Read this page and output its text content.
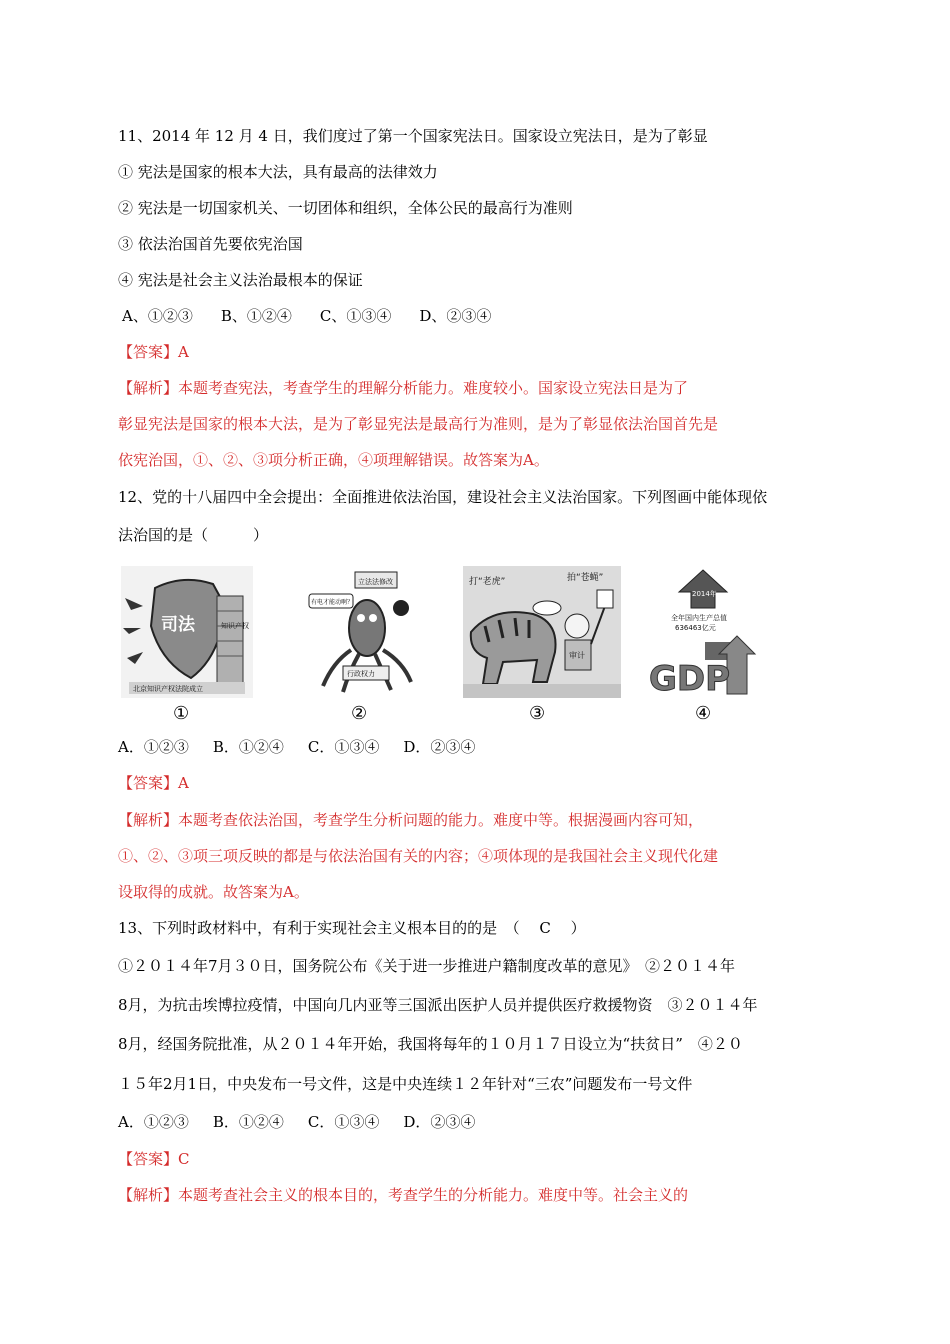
11、2014 年 12 月 4 日，我们度过了第一个国家宪法日。国家设立宪法日，是为了彰显
① 宪法是国家的根本大法，具有最高的法律效力
② 宪法是一切国家机关、一切团体和组织，全体公民的最高行为准则
③ 依法治国首先要依宪治国
④ 宪法是社会主义法治最根本的保证
A、①②③ B、①②④ C、①③④ D、②③④
【答案】A
【解析】本题考查宪法，考查学生的理解分析能力。难度较小。国家设立宪法日是为了
彰显宪法是国家的根本大法，是为了彰显宪法是最高行为准则，是为了彰显依法治国首先是
依宪治国，①、②、③项分析正确，④项理解错误。故答案为A。
12、党的十八届四中全会提出：全面推进依法治国，建设社会主义法治国家。下列图画中能体现依
法治国的是（　　　）
司法	知识产权
北京知识产权法院成立
立法法修改
有电才能动啊？
行政权力
打“老虎”	拍“苍蝇”
审计
2014年
全年国内生产总值
636463亿元
GDP
①	②	③	④
A．①②③ B．①②④ C．①③④ D．②③④
【答案】A
【解析】本题考查依法治国，考查学生分析问题的能力。难度中等。根据漫画内容可知，
①、②、③项三项反映的都是与依法治国有关的内容；④项体现的是我国社会主义现代化建
设取得的成就。故答案为A。
13、下列时政材料中，有利于实现社会主义根本目的的是　（　 C　 ）
①２０１４年7月３０日，国务院公布《关于进一步推进户籍制度改革的意见》　②２０１４年
8月，为抗击埃博拉疫情，中国向几内亚等三国派出医护人员并提供医疗救援物资　③２０１４年
8月，经国务院批准，从２０１４年开始，我国将每年的１０月１７日设立为“扶贫日”　④２０
１５年2月1日，中央发布一号文件，这是中央连续１２年针对“三农”问题发布一号文件
A．①②③ B．①②④ C．①③④ D．②③④
【答案】C
【解析】本题考查社会主义的根本目的，考查学生的分析能力。难度中等。社会主义的
